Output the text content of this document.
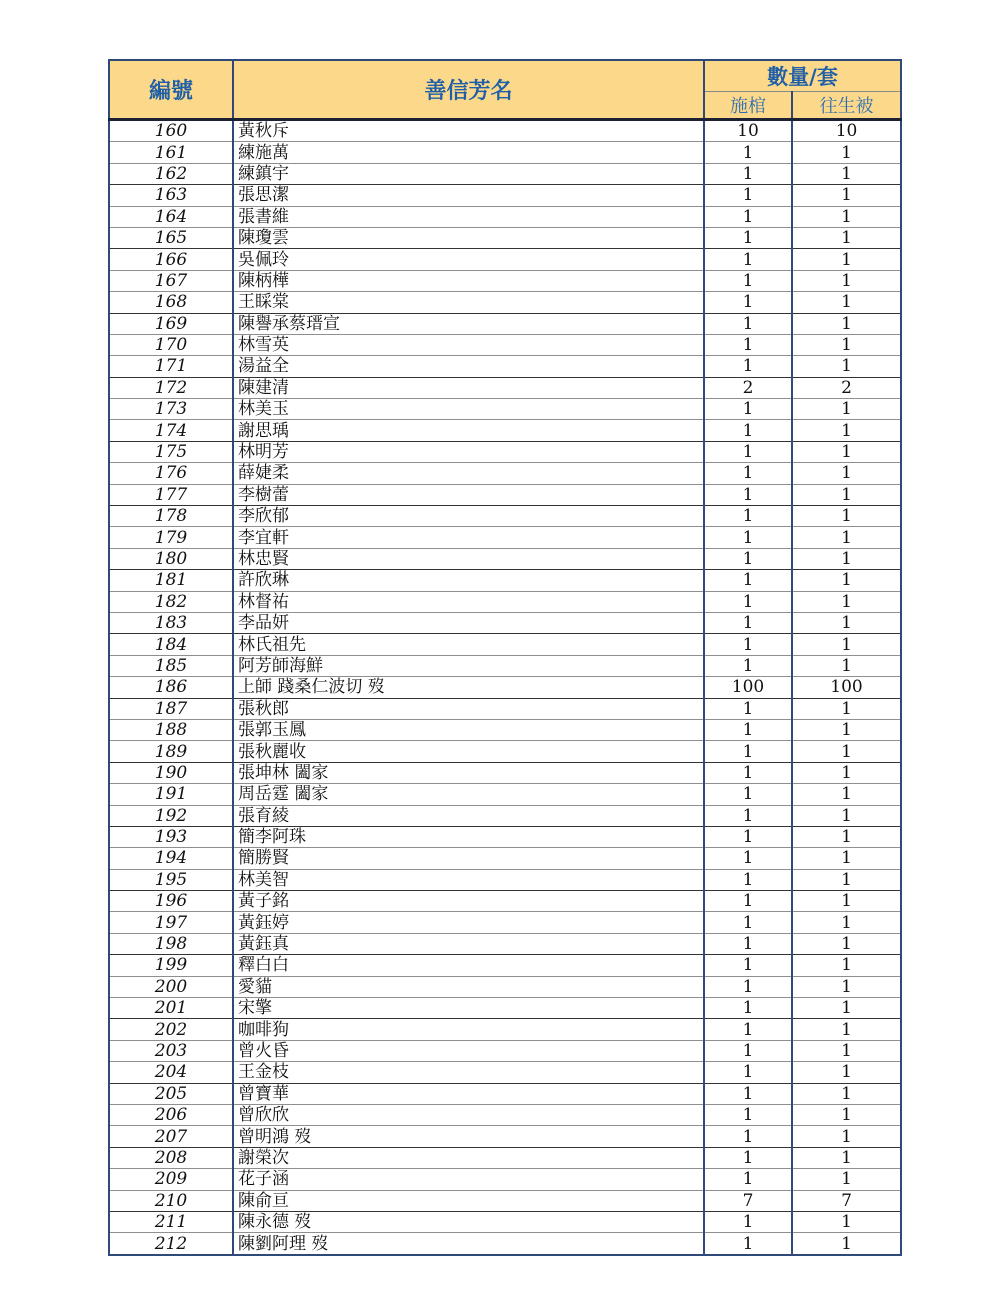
編號	善信芳名	數量/套	
		施棺	往生被
160	黃秋斥	10	10
161	練施萬	1	1
162	練鎮宇	1	1
163	張思潔	1	1
164	張書維	1	1
165	陳瓊雲	1	1
166	吳佩玲	1	1
167	陳柄樺	1	1
168	王睬棠	1	1
169	陳譽承蔡瑨宣	1	1
170	林雪英	1	1
171	湯益全	1	1
172	陳建清	2	2
173	林美玉	1	1
174	謝思瑀	1	1
175	林明芳	1	1
176	薛婕柔	1	1
177	李樹蕾	1	1
178	李欣郁	1	1
179	李宜軒	1	1
180	林忠賢	1	1
181	許欣琳	1	1
182	林督祐	1	1
183	李品妍	1	1
184	林氏祖先	1	1
185	阿芳師海鮮	1	1
186	上師 踐桑仁波切 歿	100	100
187	張秋郎	1	1
188	張郭玉鳳	1	1
189	張秋麗收	1	1
190	張坤林 闔家	1	1
191	周岳霆 闔家	1	1
192	張育綾	1	1
193	簡李阿珠	1	1
194	簡勝賢	1	1
195	林美智	1	1
196	黃子銘	1	1
197	黃鈺婷	1	1
198	黃鈺真	1	1
199	釋白白	1	1
200	愛貓	1	1
201	宋擎	1	1
202	咖啡狗	1	1
203	曾火昏	1	1
204	王金枝	1	1
205	曾寶華	1	1
206	曾欣欣	1	1
207	曾明鴻 歿	1	1
208	謝榮次	1	1
209	花子涵	1	1
210	陳俞亘	7	7
211	陳永德 歿	1	1
212	陳劉阿理 歿	1	1
